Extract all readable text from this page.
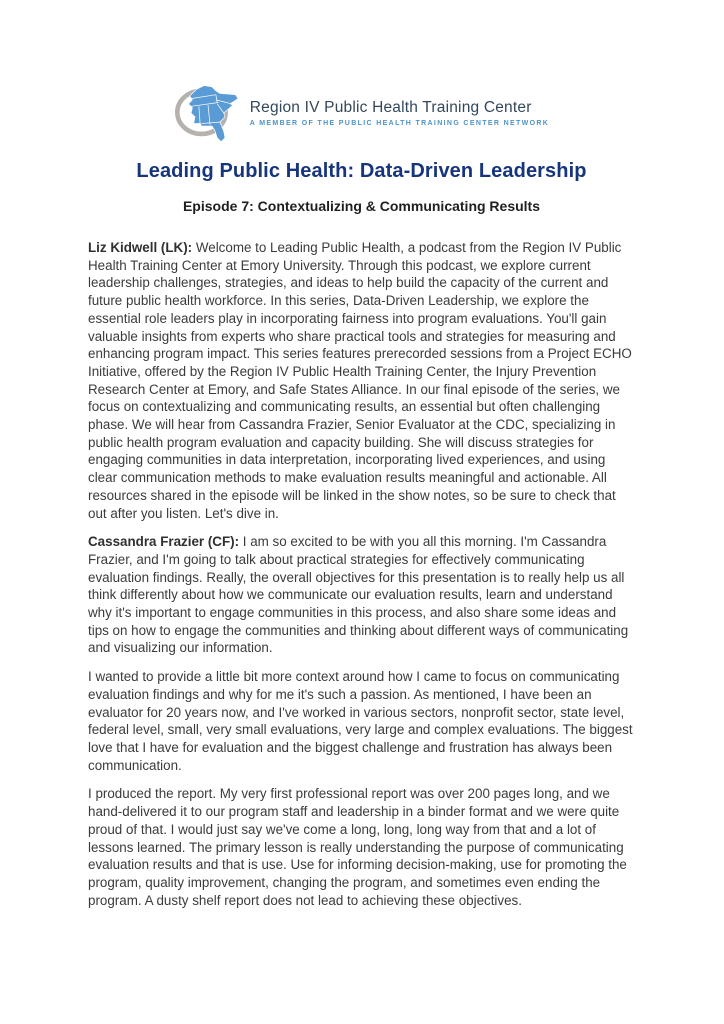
Region IV Public Health Training Center
A MEMBER OF THE PUBLIC HEALTH TRAINING CENTER NETWORK
Leading Public Health: Data-Driven Leadership
Episode 7: Contextualizing & Communicating Results

Liz Kidwell (LK): Welcome to Leading Public Health, a podcast from the Region IV Public Health Training Center at Emory University. Through this podcast, we explore current leadership challenges, strategies, and ideas to help build the capacity of the current and future public health workforce. In this series, Data-Driven Leadership, we explore the essential role leaders play in incorporating fairness into program evaluations. You'll gain valuable insights from experts who share practical tools and strategies for measuring and enhancing program impact. This series features prerecorded sessions from a Project ECHO Initiative, offered by the Region IV Public Health Training Center, the Injury Prevention Research Center at Emory, and Safe States Alliance. In our final episode of the series, we focus on contextualizing and communicating results, an essential but often challenging phase. We will hear from Cassandra Frazier, Senior Evaluator at the CDC, specializing in public health program evaluation and capacity building. She will discuss strategies for engaging communities in data interpretation, incorporating lived experiences, and using clear communication methods to make evaluation results meaningful and actionable. All resources shared in the episode will be linked in the show notes, so be sure to check that out after you listen. Let's dive in.

Cassandra Frazier (CF): I am so excited to be with you all this morning. I'm Cassandra Frazier, and I'm going to talk about practical strategies for effectively communicating evaluation findings. Really, the overall objectives for this presentation is to really help us all think differently about how we communicate our evaluation results, learn and understand why it's important to engage communities in this process, and also share some ideas and tips on how to engage the communities and thinking about different ways of communicating and visualizing our information.

I wanted to provide a little bit more context around how I came to focus on communicating evaluation findings and why for me it's such a passion. As mentioned, I have been an evaluator for 20 years now, and I've worked in various sectors, nonprofit sector, state level, federal level, small, very small evaluations, very large and complex evaluations. The biggest love that I have for evaluation and the biggest challenge and frustration has always been communication.

I produced the report. My very first professional report was over 200 pages long, and we hand-delivered it to our program staff and leadership in a binder format and we were quite proud of that. I would just say we've come a long, long, long way from that and a lot of lessons learned. The primary lesson is really understanding the purpose of communicating evaluation results and that is use. Use for informing decision-making, use for promoting the program, quality improvement, changing the program, and sometimes even ending the program. A dusty shelf report does not lead to achieving these objectives.
